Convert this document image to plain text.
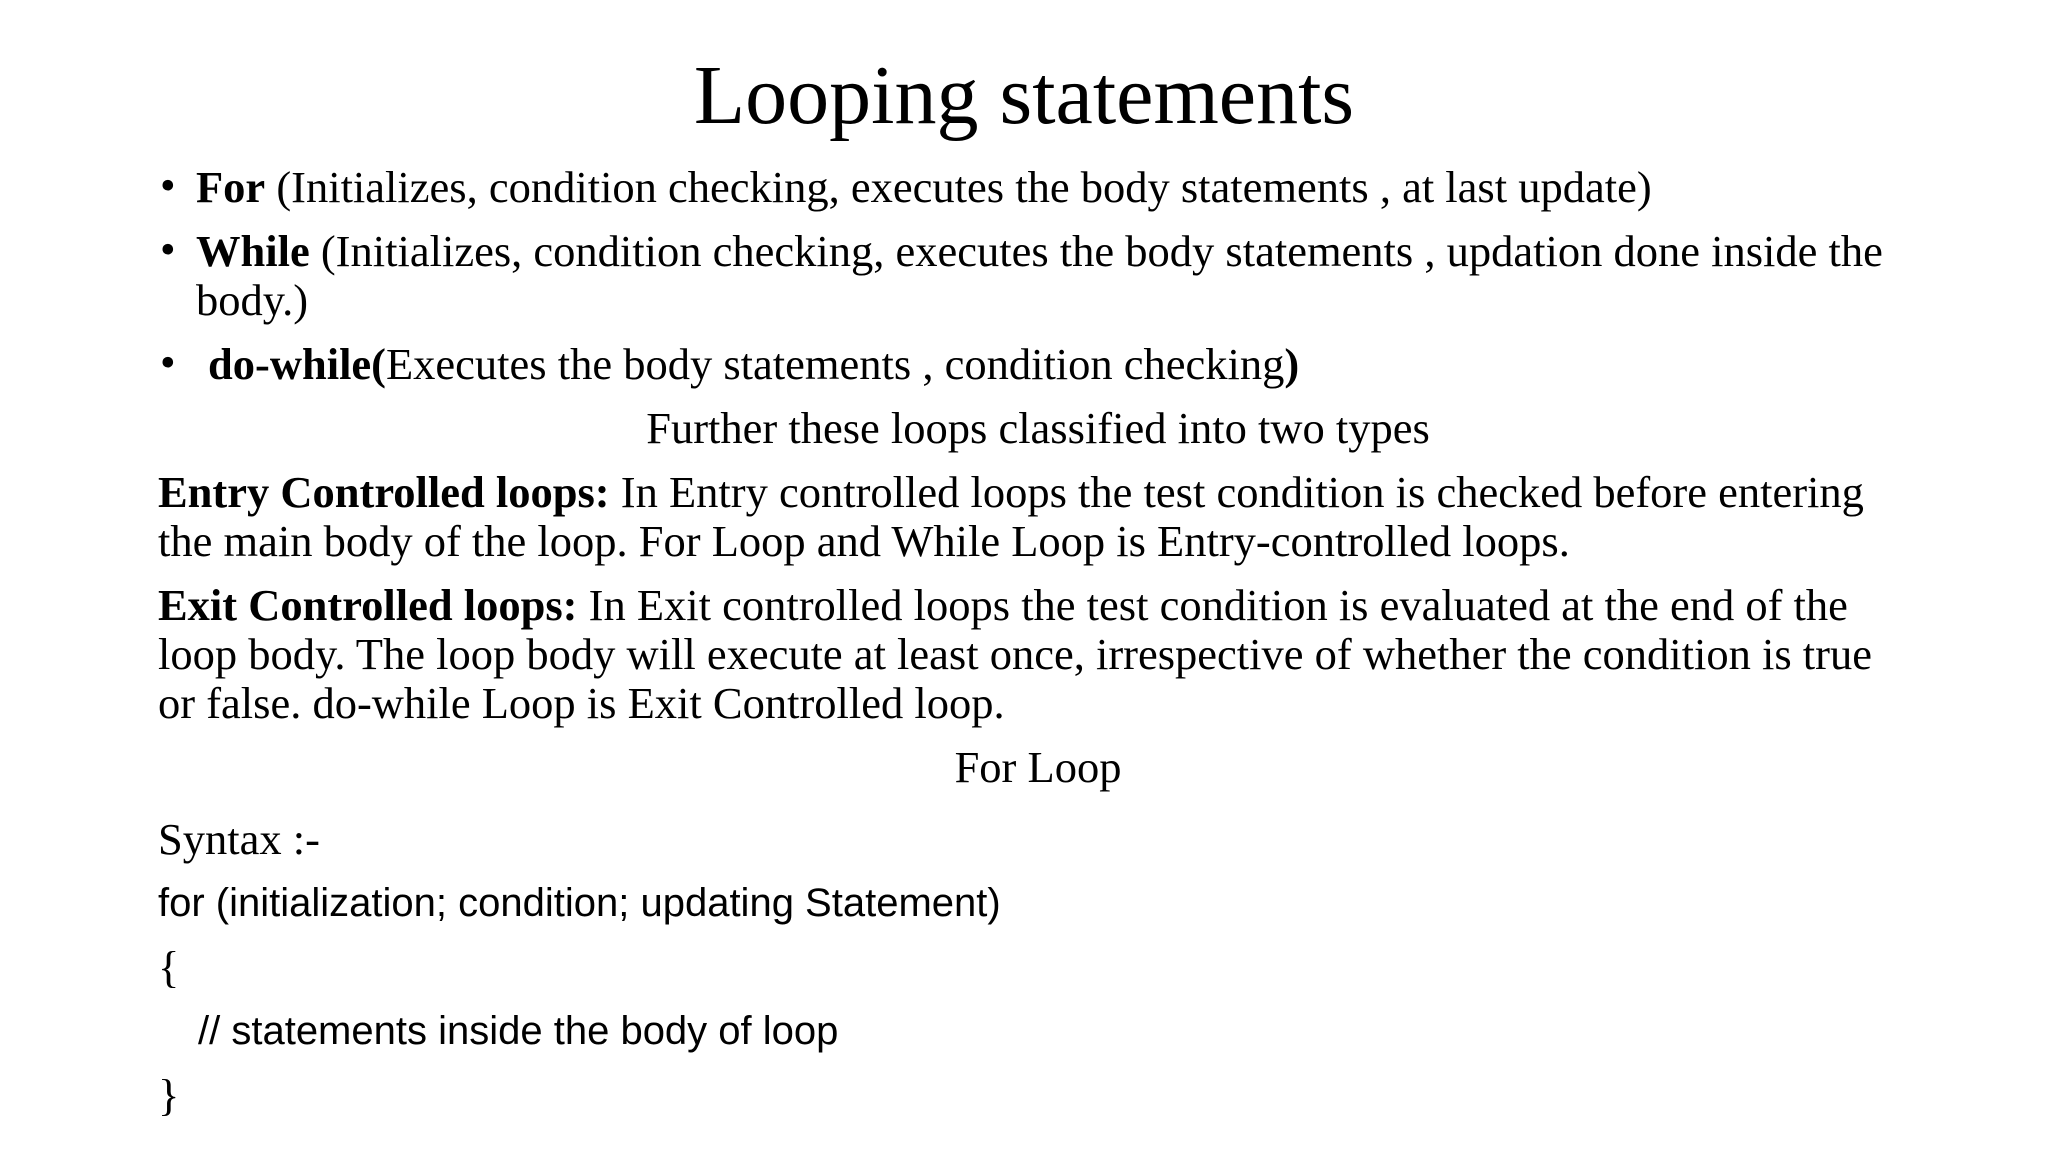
Looping statements
• For (Initializes, condition checking, executes the body statements , at last update)
• While (Initializes, condition checking, executes the body statements , updation done inside the body.)
• do-while(Executes the body statements , condition checking)
Further these loops classified into two types

Entry Controlled loops: In Entry controlled loops the test condition is checked before entering the main body of the loop. For Loop and While Loop is Entry-controlled loops.

Exit Controlled loops: In Exit controlled loops the test condition is evaluated at the end of the loop body. The loop body will execute at least once, irrespective of whether the condition is true or false. do-while Loop is Exit Controlled loop.

For Loop
Syntax :-
for (initialization; condition; updating Statement)
{
// statements inside the body of loop
}
